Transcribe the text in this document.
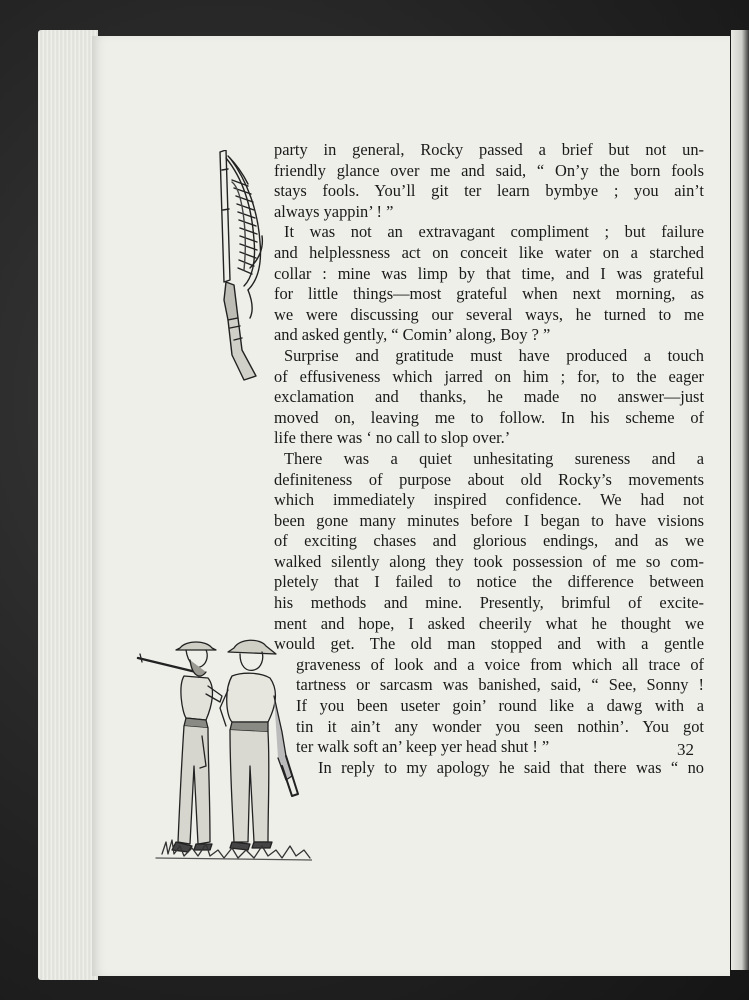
party in general, Rocky passed a brief but not un-
friendly glance over me and said, “ On’y the born fools
stays fools. You’ll git ter learn bymbye ; you ain’t
always yappin’ ! ”
It was not an extravagant compliment ; but failure
and helplessness act on conceit like water on a starched
collar : mine was limp by that time, and I was grateful
for little things—most grateful when next morning, as
we were discussing our several ways, he turned to me
and asked gently, “ Comin’ along, Boy ? ”
Surprise and gratitude must have produced a touch
of effusiveness which jarred on him ; for, to the eager
exclamation and thanks, he made no answer—just
moved on, leaving me to follow. In his scheme of
life there was ‘ no call to slop over.’
There was a quiet unhesitating sureness and a
definiteness of purpose about old Rocky’s movements
which immediately inspired confidence. We had not
been gone many minutes before I began to have visions
of exciting chases and glorious endings, and as we
walked silently along they took possession of me so com-
pletely that I failed to notice the difference between
his methods and mine. Presently, brimful of excite-
ment and hope, I asked cheerily what he thought we
would get. The old man stopped and with a gentle
graveness of look and a voice from which all trace of
tartness or sarcasm was banished, said, “ See, Sonny !
If you been useter goin’ round like a dawg with a
tin it ain’t any wonder you seen nothin’. You got
ter walk soft an’ keep yer head shut ! ”
In reply to my apology he said that there was “ no
32
